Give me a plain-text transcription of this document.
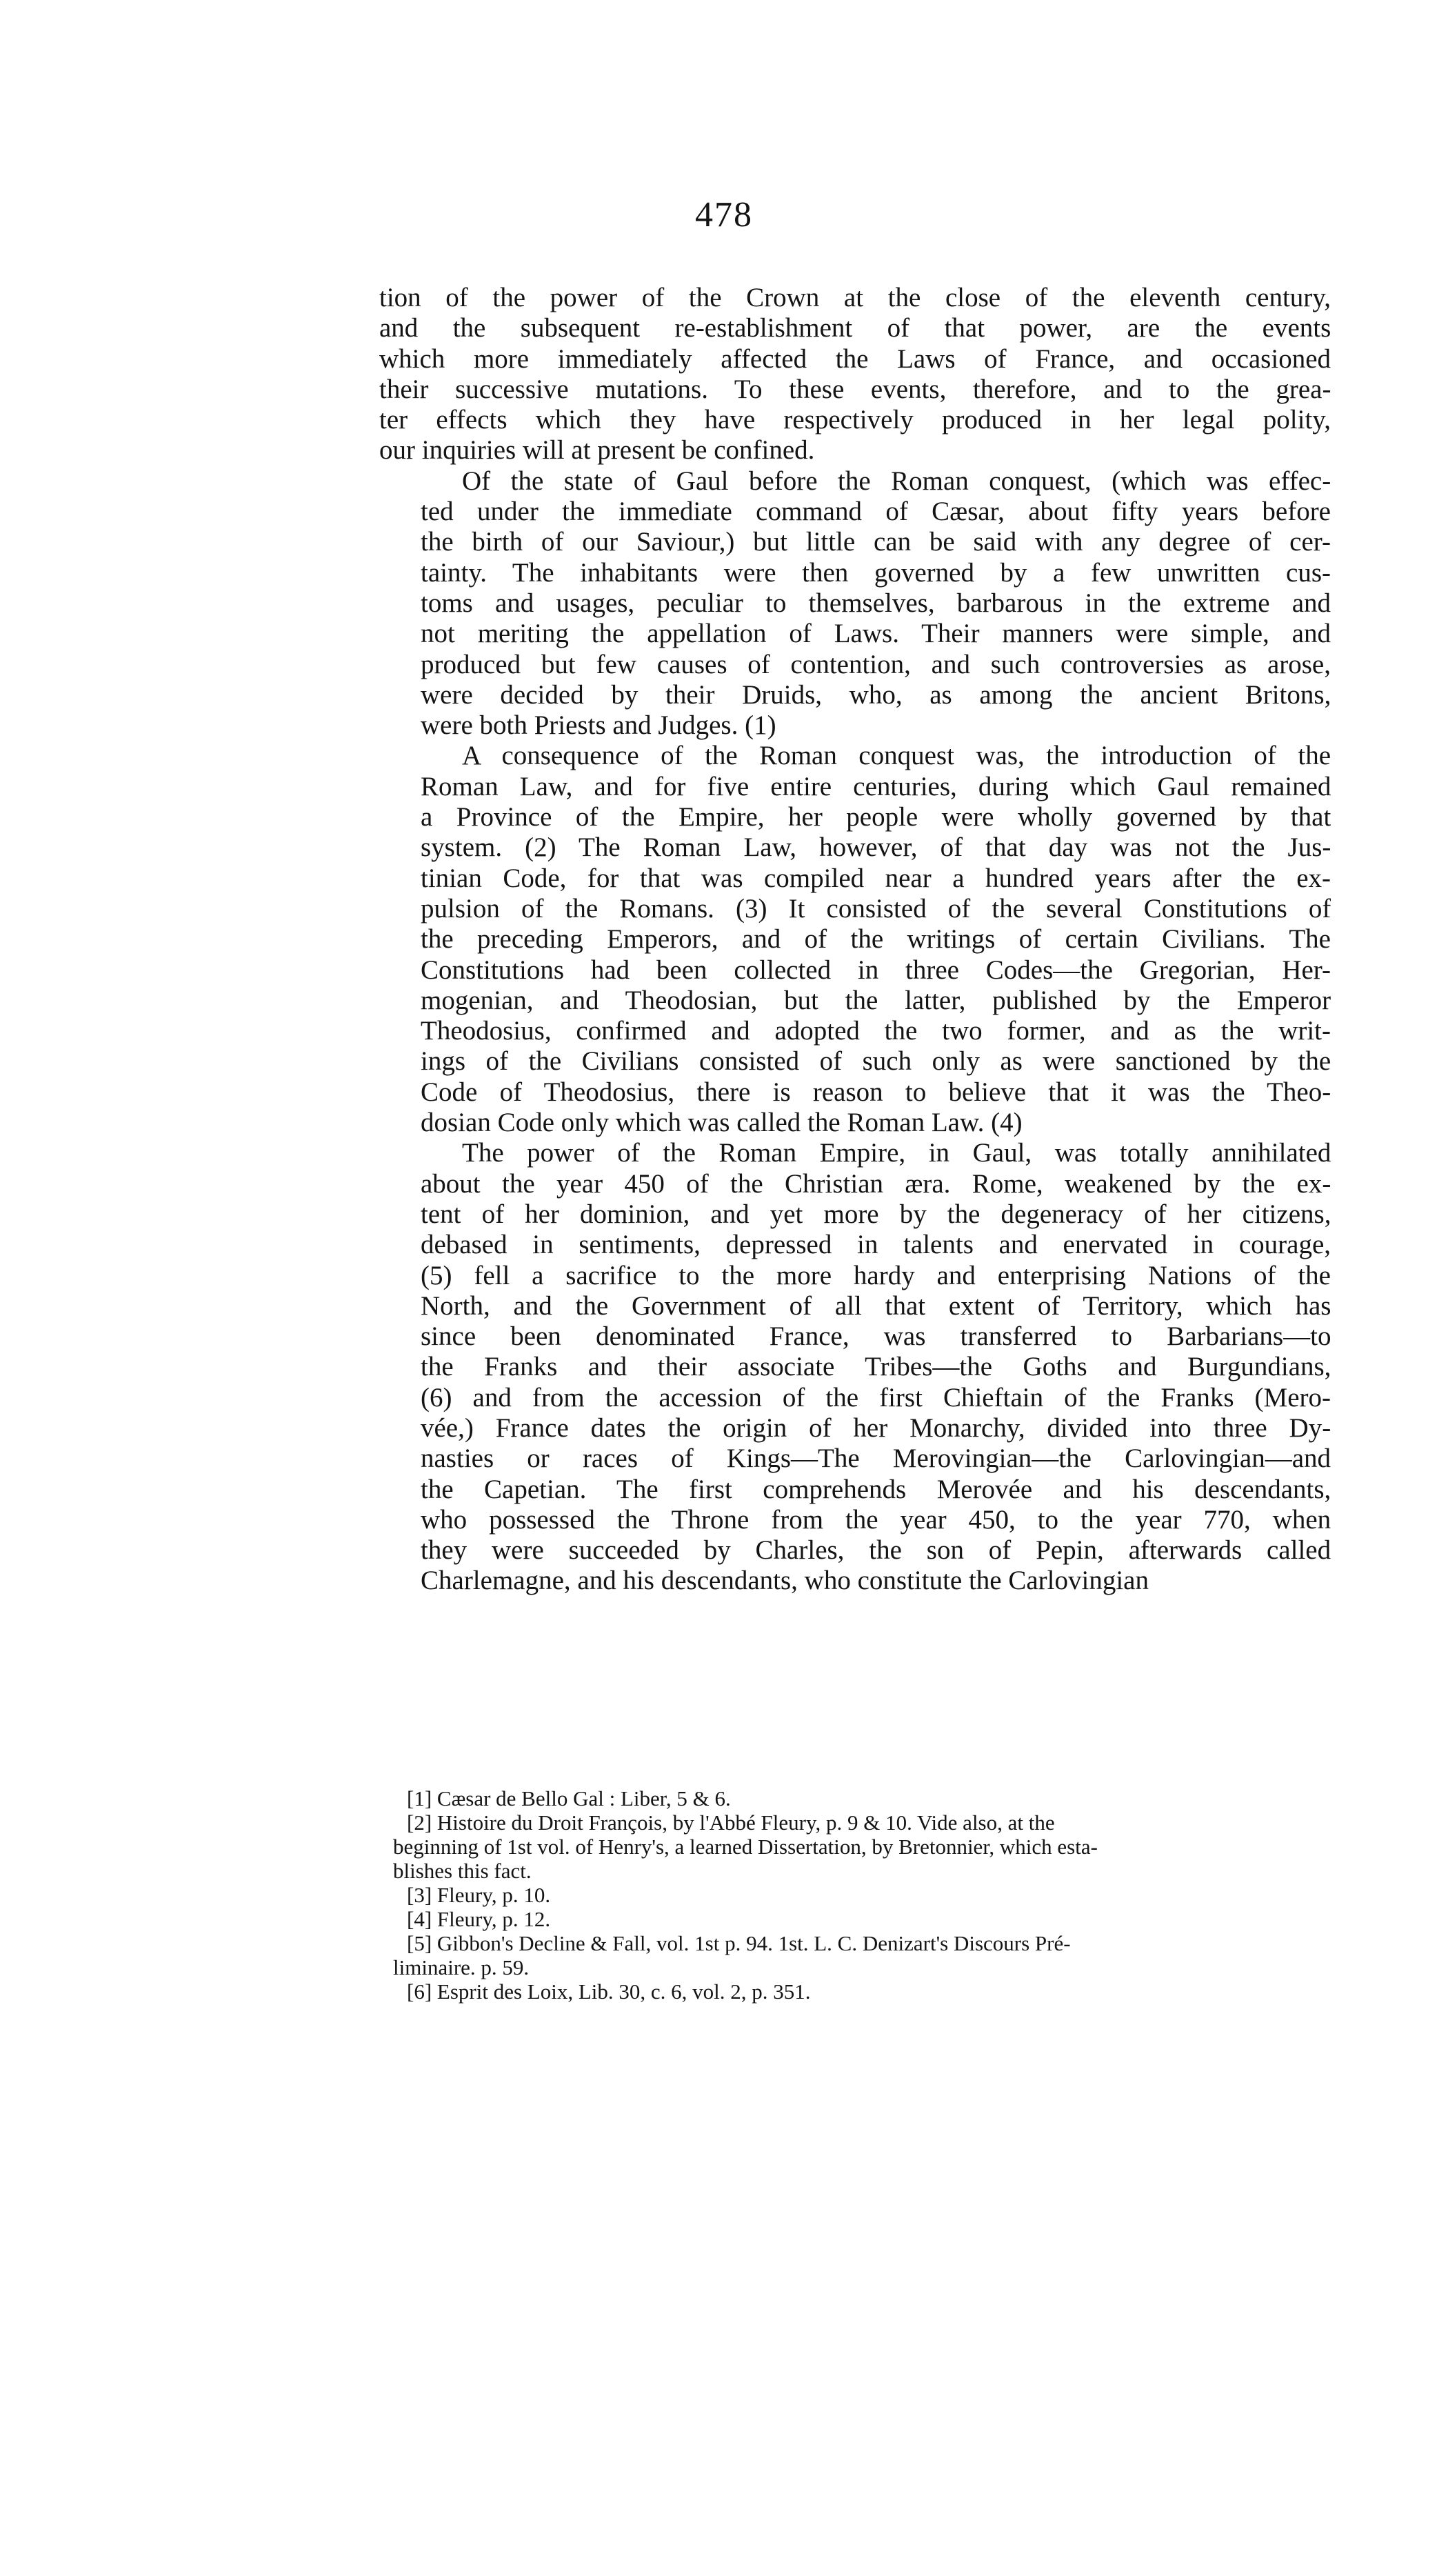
478
tion of the power of the Crown at the close of the eleventh century,
and the subsequent re-establishment of that power, are the events
which more immediately affected the Laws of France, and occasioned
their successive mutations. To these events, therefore, and to the grea-
ter effects which they have respectively produced in her legal polity,
our inquiries will at present be confined.
Of the state of Gaul before the Roman conquest, (which was effec-
ted under the immediate command of Cæsar, about fifty years before
the birth of our Saviour,) but little can be said with any degree of cer-
tainty. The inhabitants were then governed by a few unwritten cus-
toms and usages, peculiar to themselves, barbarous in the extreme and
not meriting the appellation of Laws. Their manners were simple, and
produced but few causes of contention, and such controversies as arose,
were decided by their Druids, who, as among the ancient Britons,
were both Priests and Judges. (1)
A consequence of the Roman conquest was, the introduction of the
Roman Law, and for five entire centuries, during which Gaul remained
a Province of the Empire, her people were wholly governed by that
system. (2) The Roman Law, however, of that day was not the Jus-
tinian Code, for that was compiled near a hundred years after the ex-
pulsion of the Romans. (3) It consisted of the several Constitutions of
the preceding Emperors, and of the writings of certain Civilians. The
Constitutions had been collected in three Codes—the Gregorian, Her-
mogenian, and Theodosian, but the latter, published by the Emperor
Theodosius, confirmed and adopted the two former, and as the writ-
ings of the Civilians consisted of such only as were sanctioned by the
Code of Theodosius, there is reason to believe that it was the Theo-
dosian Code only which was called the Roman Law. (4)
The power of the Roman Empire, in Gaul, was totally annihilated
about the year 450 of the Christian æra. Rome, weakened by the ex-
tent of her dominion, and yet more by the degeneracy of her citizens,
debased in sentiments, depressed in talents and enervated in courage,
(5) fell a sacrifice to the more hardy and enterprising Nations of the
North, and the Government of all that extent of Territory, which has
since been denominated France, was transferred to Barbarians—to
the Franks and their associate Tribes—the Goths and Burgundians,
(6) and from the accession of the first Chieftain of the Franks (Mero-
vée,) France dates the origin of her Monarchy, divided into three Dy-
nasties or races of Kings—The Merovingian—the Carlovingian—and
the Capetian. The first comprehends Merovée and his descendants,
who possessed the Throne from the year 450, to the year 770, when
they were succeeded by Charles, the son of Pepin, afterwards called
Charlemagne, and his descendants, who constitute the Carlovingian
[1] Cæsar de Bello Gal : Liber, 5 & 6.
[2] Histoire du Droit François, by l'Abbé Fleury, p. 9 & 10. Vide also, at the
beginning of 1st vol. of Henry's, a learned Dissertation, by Bretonnier, which esta-
blishes this fact.
[3] Fleury, p. 10.
[4] Fleury, p. 12.
[5] Gibbon's Decline & Fall, vol. 1st p. 94. 1st. L. C. Denizart's Discours Pré-
liminaire. p. 59.
[6] Esprit des Loix, Lib. 30, c. 6, vol. 2, p. 351.
